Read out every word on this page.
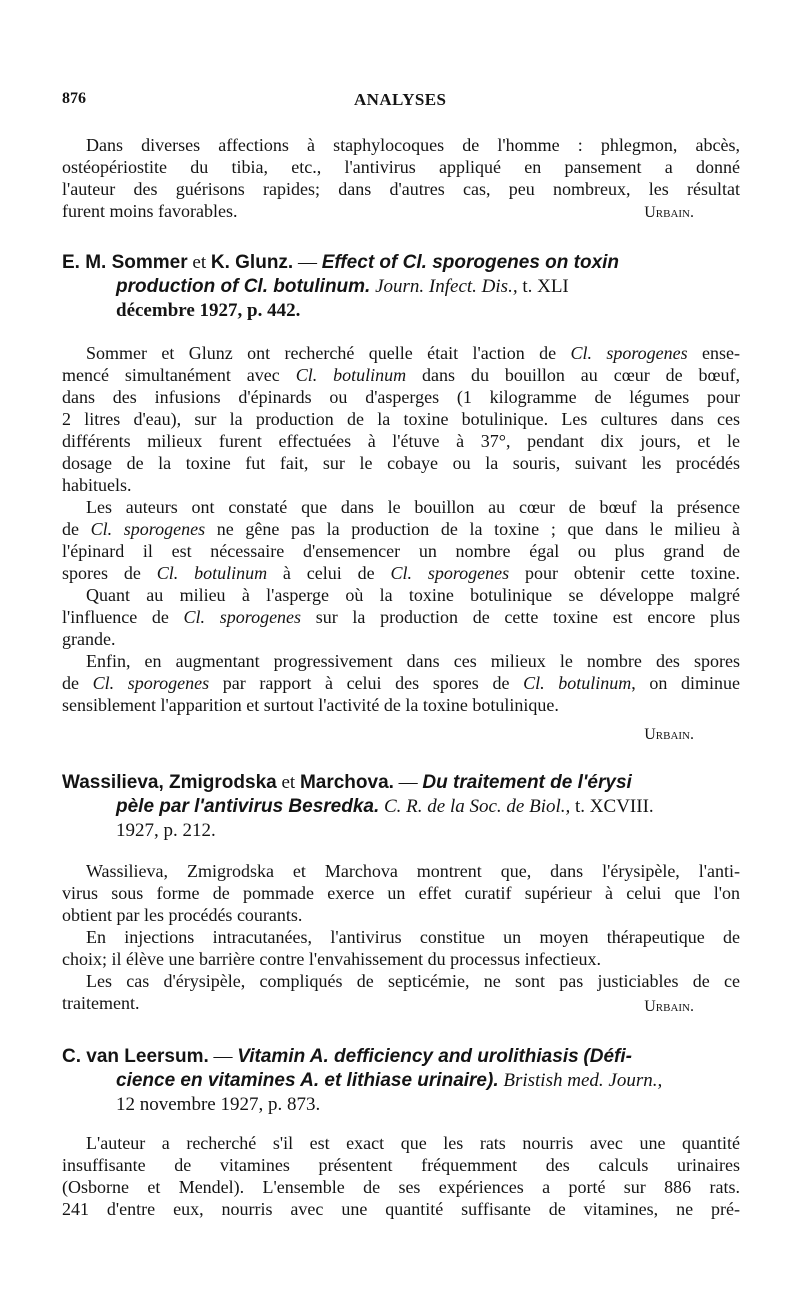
876	ANALYSES
Dans diverses affections à staphylocoques de l'homme : phlegmon, abcès,
ostéopériostite du tibia, etc., l'antivirus appliqué en pansement a donné
l'auteur des guérisons rapides; dans d'autres cas, peu nombreux, les résultat
furent moins favorables.	Urbain.
E. M. Sommer et K. Glunz. — Effect of Cl. sporogenes on toxin
production of Cl. botulinum. Journ. Infect. Dis., t. XLI
décembre 1927, p. 442.
Sommer et Glunz ont recherché quelle était l'action de Cl. sporogenes ense-
mencé simultanément avec Cl. botulinum dans du bouillon au cœur de bœuf,
dans des infusions d'épinards ou d'asperges (1 kilogramme de légumes pour
2 litres d'eau), sur la production de la toxine botulinique. Les cultures dans ces
différents milieux furent effectuées à l'étuve à 37°, pendant dix jours, et le
dosage de la toxine fut fait, sur le cobaye ou la souris, suivant les procédés
habituels.
Les auteurs ont constaté que dans le bouillon au cœur de bœuf la présence
de Cl. sporogenes ne gêne pas la production de la toxine ; que dans le milieu à
l'épinard il est nécessaire d'ensemencer un nombre égal ou plus grand de
spores de Cl. botulinum à celui de Cl. sporogenes pour obtenir cette toxine.
Quant au milieu à l'asperge où la toxine botulinique se développe malgré
l'influence de Cl. sporogenes sur la production de cette toxine est encore plus
grande.
Enfin, en augmentant progressivement dans ces milieux le nombre des spores
de Cl. sporogenes par rapport à celui des spores de Cl. botulinum, on diminue
sensiblement l'apparition et surtout l'activité de la toxine botulinique.
Urbain.
Wassilieva, Zmigrodska et Marchova. — Du traitement de l'érysi
pèle par l'antivirus Besredka. C. R. de la Soc. de Biol., t. XCVIII.
1927, p. 212.
Wassilieva, Zmigrodska et Marchova montrent que, dans l'érysipèle, l'anti-
virus sous forme de pommade exerce un effet curatif supérieur à celui que l'on
obtient par les procédés courants.
En injections intracutanées, l'antivirus constitue un moyen thérapeutique de
choix; il élève une barrière contre l'envahissement du processus infectieux.
Les cas d'érysipèle, compliqués de septicémie, ne sont pas justiciables de ce
traitement.	Urbain.
C. van Leersum. — Vitamin A. defficiency and urolithiasis (Défi-
cience en vitamines A. et lithiase urinaire). Bristish med. Journ.,
12 novembre 1927, p. 873.
L'auteur a recherché s'il est exact que les rats nourris avec une quantité
insuffisante de vitamines présentent fréquemment des calculs urinaires
(Osborne et Mendel). L'ensemble de ses expériences a porté sur 886 rats.
241 d'entre eux, nourris avec une quantité suffisante de vitamines, ne pré-
